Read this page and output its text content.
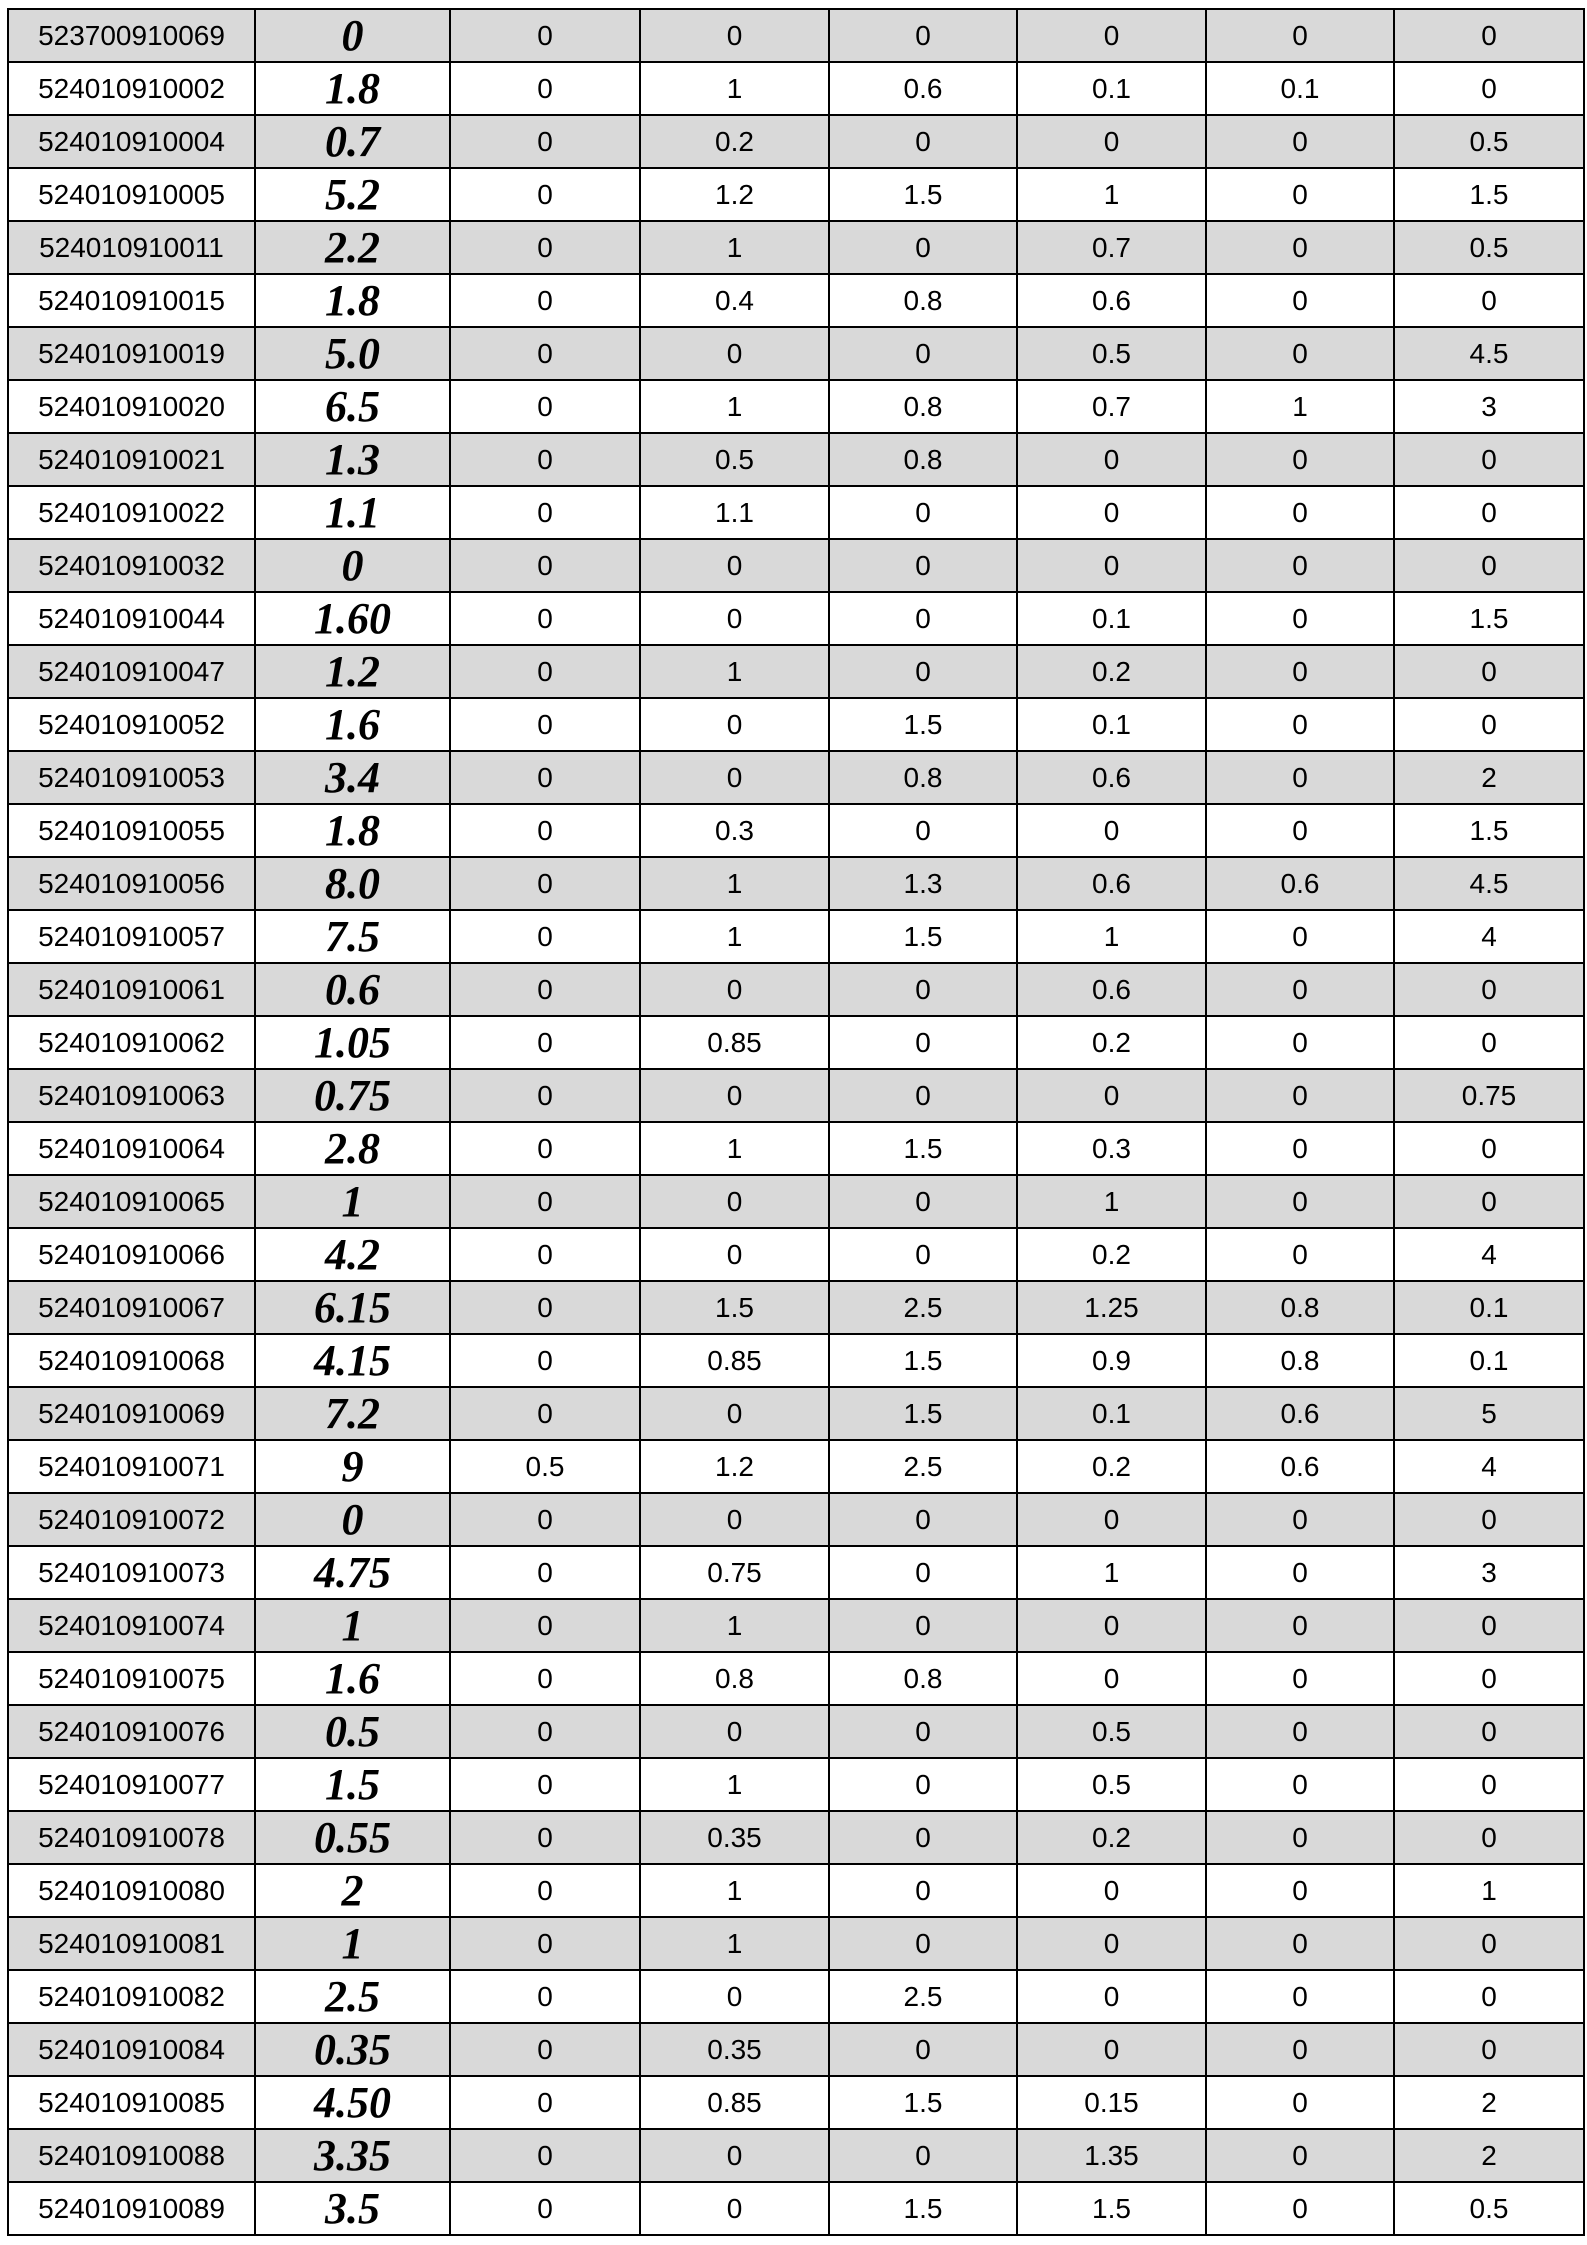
523700910069	0	0	0	0	0	0	0
524010910002	1.8	0	1	0.6	0.1	0.1	0
524010910004	0.7	0	0.2	0	0	0	0.5
524010910005	5.2	0	1.2	1.5	1	0	1.5
524010910011	2.2	0	1	0	0.7	0	0.5
524010910015	1.8	0	0.4	0.8	0.6	0	0
524010910019	5.0	0	0	0	0.5	0	4.5
524010910020	6.5	0	1	0.8	0.7	1	3
524010910021	1.3	0	0.5	0.8	0	0	0
524010910022	1.1	0	1.1	0	0	0	0
524010910032	0	0	0	0	0	0	0
524010910044	1.60	0	0	0	0.1	0	1.5
524010910047	1.2	0	1	0	0.2	0	0
524010910052	1.6	0	0	1.5	0.1	0	0
524010910053	3.4	0	0	0.8	0.6	0	2
524010910055	1.8	0	0.3	0	0	0	1.5
524010910056	8.0	0	1	1.3	0.6	0.6	4.5
524010910057	7.5	0	1	1.5	1	0	4
524010910061	0.6	0	0	0	0.6	0	0
524010910062	1.05	0	0.85	0	0.2	0	0
524010910063	0.75	0	0	0	0	0	0.75
524010910064	2.8	0	1	1.5	0.3	0	0
524010910065	1	0	0	0	1	0	0
524010910066	4.2	0	0	0	0.2	0	4
524010910067	6.15	0	1.5	2.5	1.25	0.8	0.1
524010910068	4.15	0	0.85	1.5	0.9	0.8	0.1
524010910069	7.2	0	0	1.5	0.1	0.6	5
524010910071	9	0.5	1.2	2.5	0.2	0.6	4
524010910072	0	0	0	0	0	0	0
524010910073	4.75	0	0.75	0	1	0	3
524010910074	1	0	1	0	0	0	0
524010910075	1.6	0	0.8	0.8	0	0	0
524010910076	0.5	0	0	0	0.5	0	0
524010910077	1.5	0	1	0	0.5	0	0
524010910078	0.55	0	0.35	0	0.2	0	0
524010910080	2	0	1	0	0	0	1
524010910081	1	0	1	0	0	0	0
524010910082	2.5	0	0	2.5	0	0	0
524010910084	0.35	0	0.35	0	0	0	0
524010910085	4.50	0	0.85	1.5	0.15	0	2
524010910088	3.35	0	0	0	1.35	0	2
524010910089	3.5	0	0	1.5	1.5	0	0.5
